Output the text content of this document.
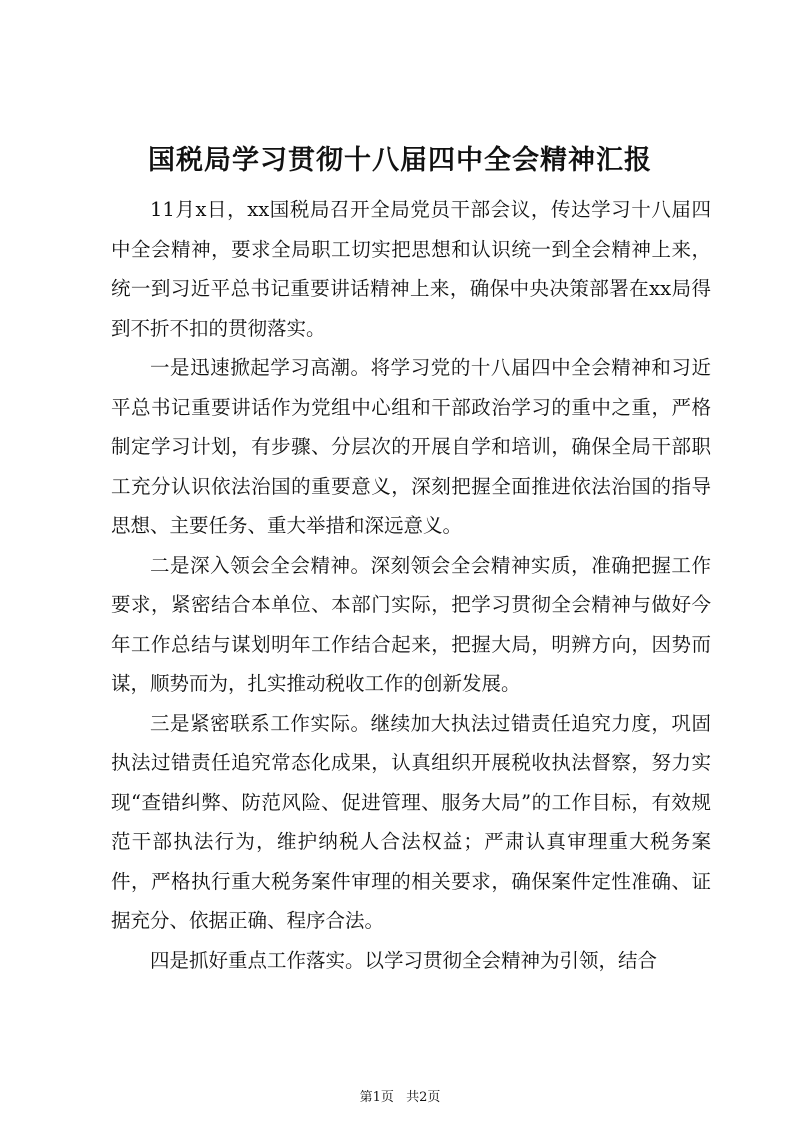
国税局学习贯彻十八届四中全会精神汇报

11月x日，xx国税局召开全局党员干部会议，传达学习十八届四中全会精神，要求全局职工切实把思想和认识统一到全会精神上来，统一到习近平总书记重要讲话精神上来，确保中央决策部署在xx局得到不折不扣的贯彻落实。

一是迅速掀起学习高潮。将学习党的十八届四中全会精神和习近平总书记重要讲话作为党组中心组和干部政治学习的重中之重，严格制定学习计划，有步骤、分层次的开展自学和培训，确保全局干部职工充分认识依法治国的重要意义，深刻把握全面推进依法治国的指导思想、主要任务、重大举措和深远意义。

二是深入领会全会精神。深刻领会全会精神实质，准确把握工作要求，紧密结合本单位、本部门实际，把学习贯彻全会精神与做好今年工作总结与谋划明年工作结合起来，把握大局，明辨方向，因势而谋，顺势而为，扎实推动税收工作的创新发展。

三是紧密联系工作实际。继续加大执法过错责任追究力度，巩固执法过错责任追究常态化成果，认真组织开展税收执法督察，努力实现“查错纠弊、防范风险、促进管理、服务大局”的工作目标，有效规范干部执法行为，维护纳税人合法权益；严肃认真审理重大税务案件，严格执行重大税务案件审理的相关要求，确保案件定性准确、证据充分、依据正确、程序合法。

四是抓好重点工作落实。以学习贯彻全会精神为引领，结合

第1页 共2页
